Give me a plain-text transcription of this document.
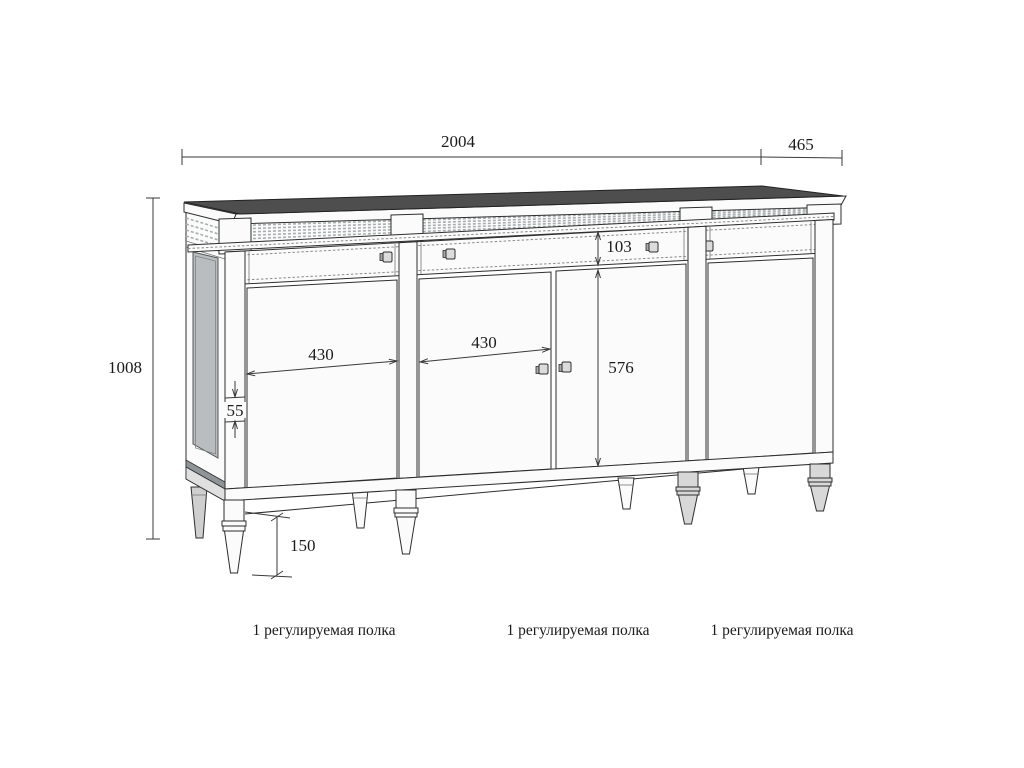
2004	465
1008
103
576
430
430
55
150
1 регулируемая полка	1 регулируемая полка	1 регулируемая полка
